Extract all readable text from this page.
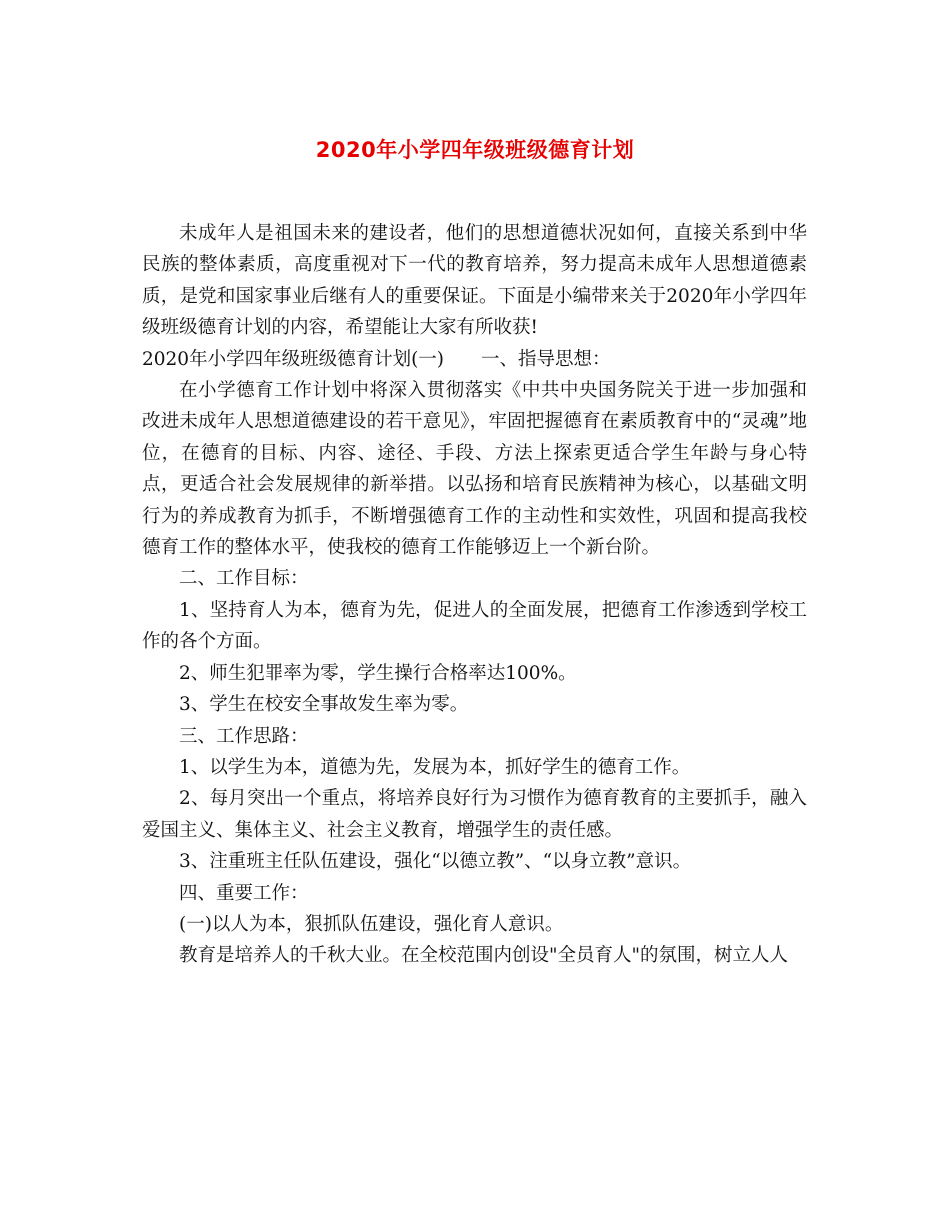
2020年小学四年级班级德育计划

未成年人是祖国未来的建设者，他们的思想道德状况如何，直接关系到中华民族的整体素质，高度重视对下一代的教育培养，努力提高未成年人思想道德素质，是党和国家事业后继有人的重要保证。下面是小编带来关于2020年小学四年级班级德育计划的内容，希望能让大家有所收获!

2020年小学四年级班级德育计划(一)　　一、指导思想：

在小学德育工作计划中将深入贯彻落实《中共中央国务院关于进一步加强和改进未成年人思想道德建设的若干意见》，牢固把握德育在素质教育中的“灵魂”地位，在德育的目标、内容、途径、手段、方法上探索更适合学生年龄与身心特点，更适合社会发展规律的新举措。以弘扬和培育民族精神为核心，以基础文明行为的养成教育为抓手，不断增强德育工作的主动性和实效性，巩固和提高我校德育工作的整体水平，使我校的德育工作能够迈上一个新台阶。

二、工作目标：

1、坚持育人为本，德育为先，促进人的全面发展，把德育工作渗透到学校工作的各个方面。

2、师生犯罪率为零，学生操行合格率达100%。

3、学生在校安全事故发生率为零。

三、工作思路：

1、以学生为本，道德为先，发展为本，抓好学生的德育工作。

2、每月突出一个重点，将培养良好行为习惯作为德育教育的主要抓手，融入爱国主义、集体主义、社会主义教育，增强学生的责任感。

3、注重班主任队伍建设，强化“以德立教”、“以身立教”意识。

四、重要工作：

(一)以人为本，狠抓队伍建设，强化育人意识。

教育是培养人的千秋大业。在全校范围内创设"全员育人"的氛围，树立人人
